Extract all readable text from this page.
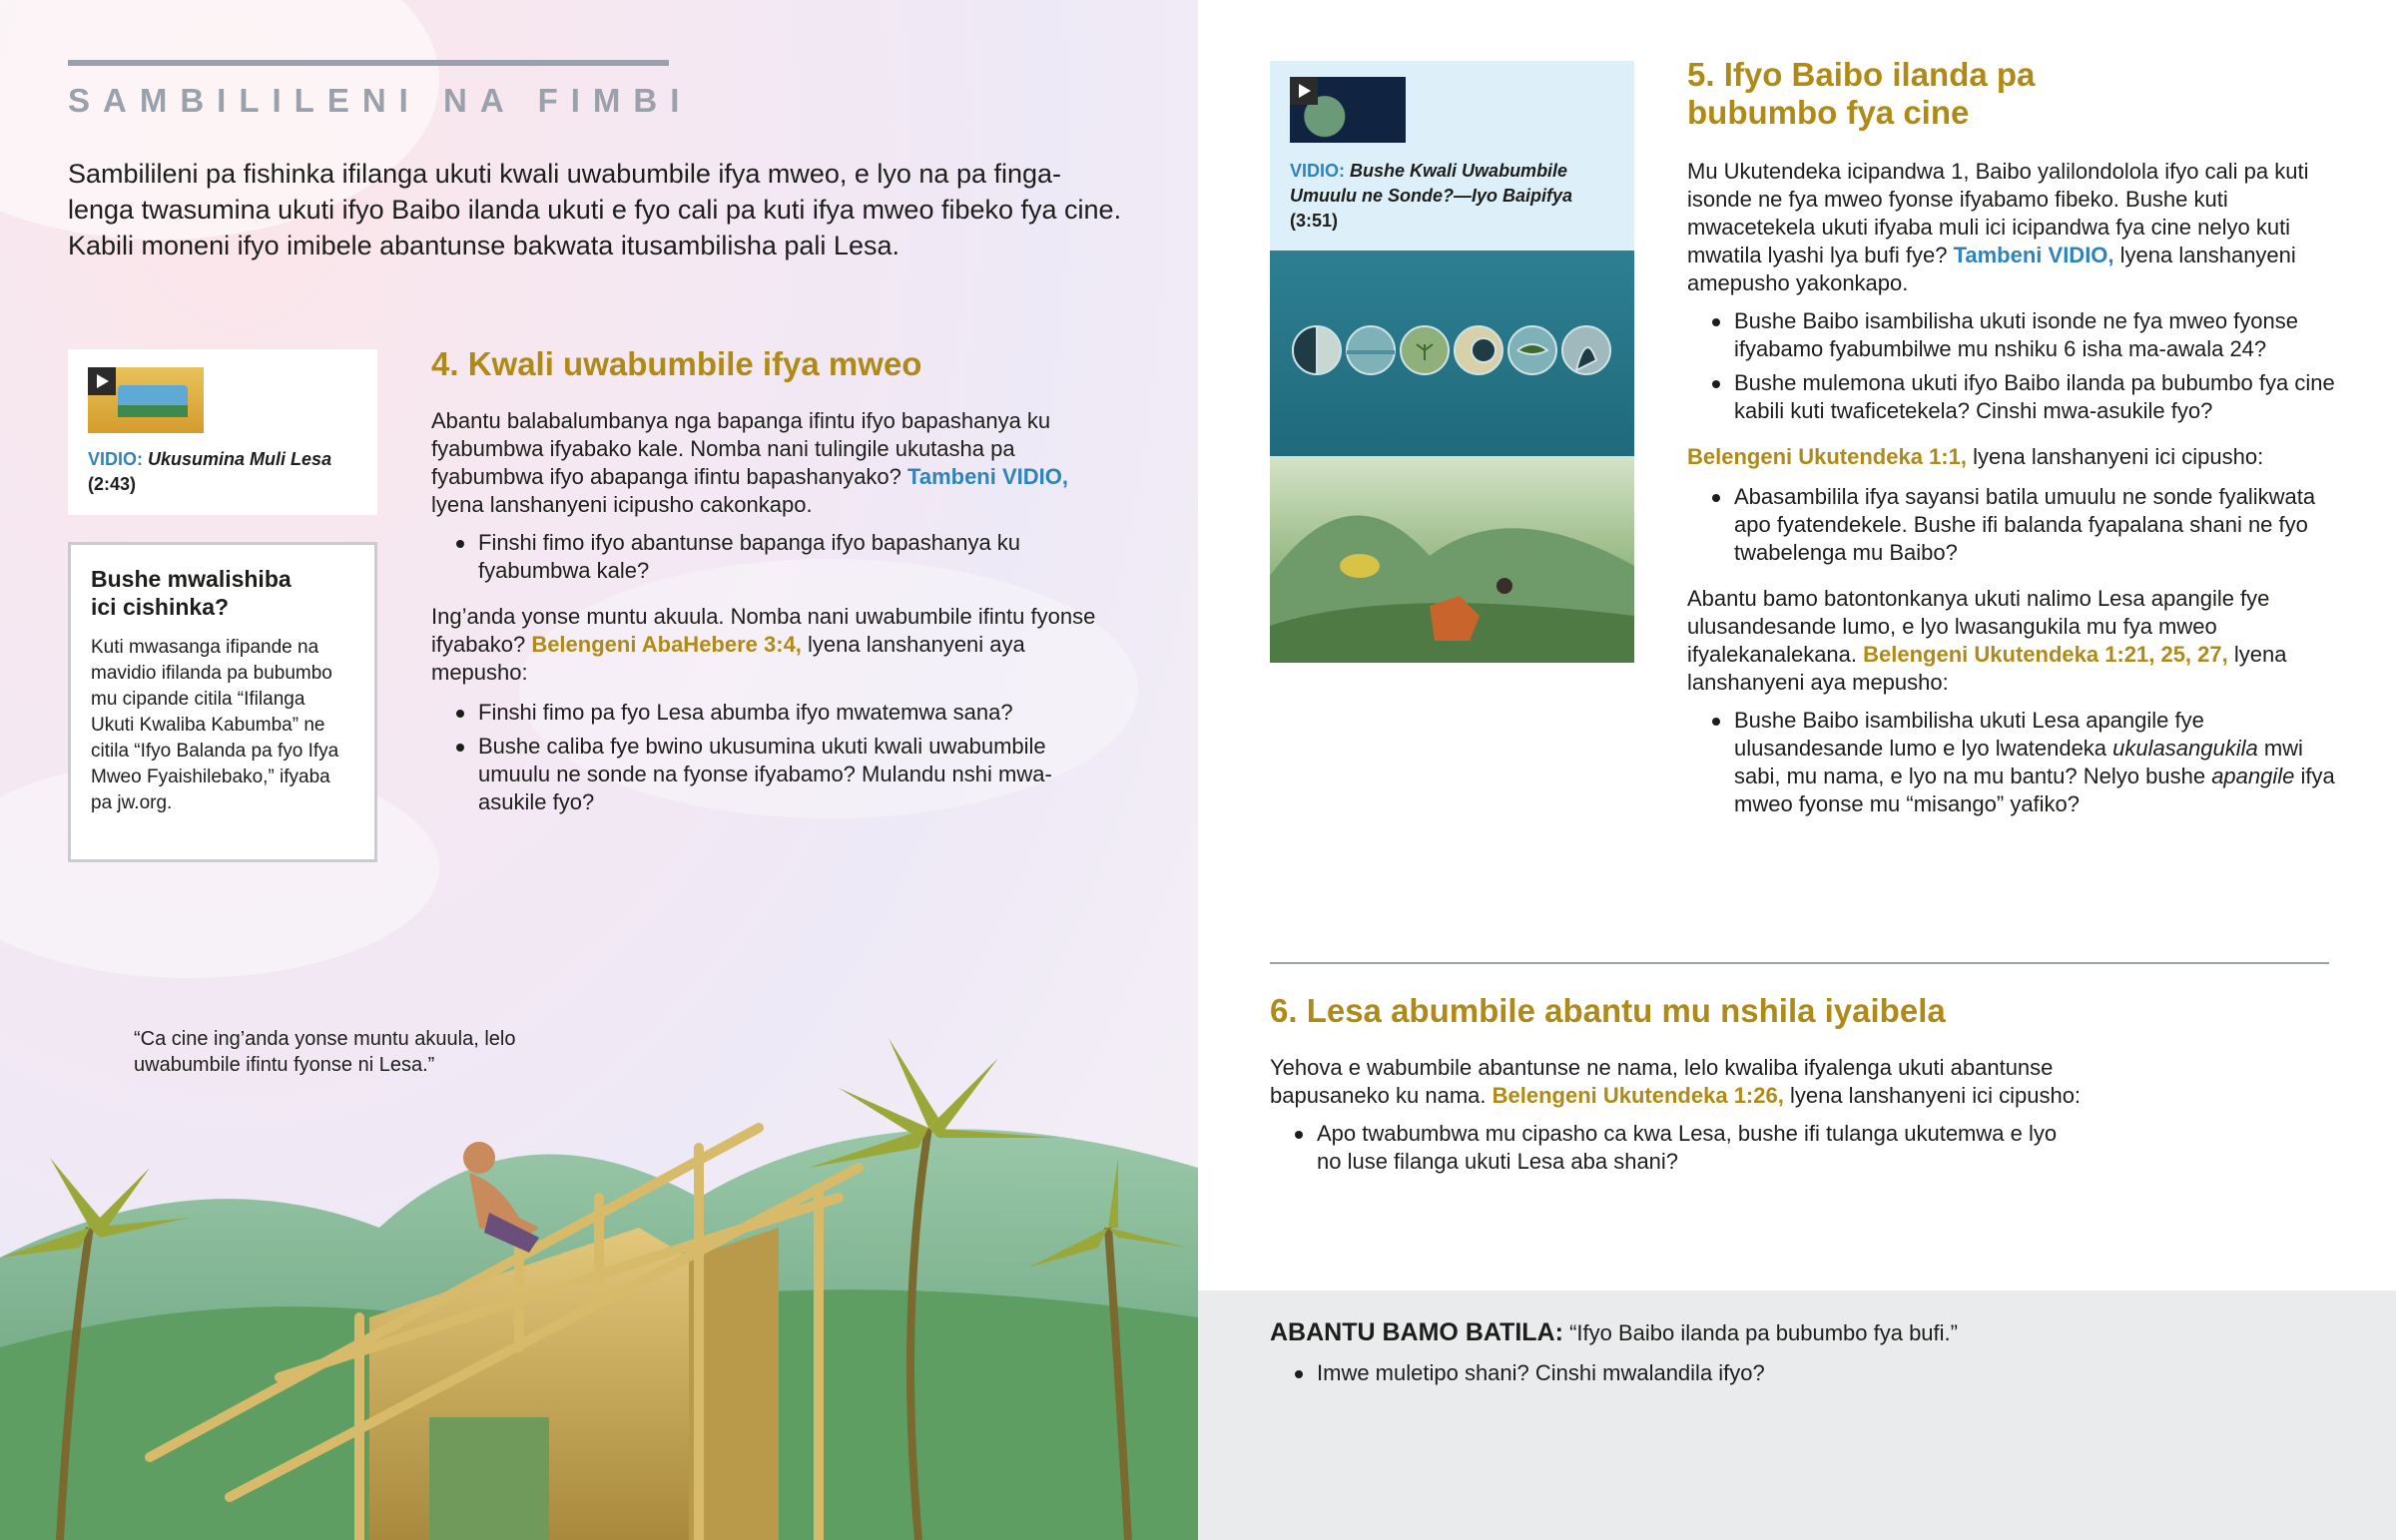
SAMBILILENI NA FIMBI
Sambilileni pa fishinka ifilanga ukuti kwali uwabumbile ifya mweo, e lyo na pa finga-lenga twasumina ukuti ifyo Baibo ilanda ukuti e fyo cali pa kuti ifya mweo fibeko fya cine. Kabili moneni ifyo imibele abantunse bakwata itusambilisha pali Lesa.
VIDIO: Ukusumina Muli Lesa
(2:43)
Bushe mwalishiba ici cishinka?

Kuti mwasanga ifipande na mavidio ifilanda pa bubumbo mu cipande citila “Ifilanga Ukuti Kwaliba Kabumba” ne citila “Ifyo Balanda pa fyo Ifya Mweo Fyaishilebako,” ifyaba pa jw.org.

4. Kwali uwabumbile ifya mweo

Abantu balabalumbanya nga bapanga ifintu ifyo bapashanya ku fyabumbwa ifyabako kale. Nomba nani tulingile ukutasha pa fyabumbwa ifyo abapanga ifintu bapashanyako? Tambeni VIDIO, lyena lanshanyeni icipusho cakonkapo.

Finshi fimo ifyo abantunse bapanga ifyo bapashanya ku fyabumbwa kale?

Ing’anda yonse muntu akuula. Nomba nani uwabumbile ifintu fyonse ifyabako? Belengeni AbaHebere 3:4, lyena lanshanyeni aya mepusho:

Finshi fimo pa fyo Lesa abumba ifyo mwatemwa sana?
Bushe caliba fye bwino ukusumina ukuti kwali uwabumbile umuulu ne sonde na fyonse ifyabamo? Mulandu nshi mwa-asukile fyo?
“Ca cine ing’anda yonse muntu akuula, lelo uwabumbile ifintu fyonse ni Lesa.”
VIDIO: Bushe Kwali Uwabumbile Umuulu ne Sonde?—Iyo Baipifya
(3:51)
5. Ifyo Baibo ilanda pa bubumbo fya cine

Mu Ukutendeka icipandwa 1, Baibo yalilondolola ifyo cali pa kuti isonde ne fya mweo fyonse ifyabamo fibeko. Bushe kuti mwacetekela ukuti ifyaba muli ici icipandwa fya cine nelyo kuti mwatila lyashi lya bufi fye? Tambeni VIDIO, lyena lanshanyeni amepusho yakonkapo.

Bushe Baibo isambilisha ukuti isonde ne fya mweo fyonse ifyabamo fyabumbilwe mu nshiku 6 isha ma-awala 24?
Bushe mulemona ukuti ifyo Baibo ilanda pa bubumbo fya cine kabili kuti twaficetekela? Cinshi mwa-asukile fyo?

Belengeni Ukutendeka 1:1, lyena lanshanyeni ici cipusho:

Abasambilila ifya sayansi batila umuulu ne sonde fyalikwata apo fyatendekele. Bushe ifi balanda fyapalana shani ne fyo twabelenga mu Baibo?

Abantu bamo batontonkanya ukuti nalimo Lesa apangile fye ulusandesande lumo, e lyo lwasangukila mu fya mweo ifyalekanalekana. Belengeni Ukutendeka 1:21, 25, 27, lyena lanshanyeni aya mepusho:

Bushe Baibo isambilisha ukuti Lesa apangile fye ulusandesande lumo e lyo lwatendeka ukulasangukila mwi sabi, mu nama, e lyo na mu bantu? Nelyo bushe apangile ifya mweo fyonse mu “misango” yafiko?
6. Lesa abumbile abantu mu nshila iyaibela

Yehova e wabumbile abantunse ne nama, lelo kwaliba ifyalenga ukuti abantunse bapusaneko ku nama. Belengeni Ukutendeka 1:26, lyena lanshanyeni ici cipusho:

Apo twabumbwa mu cipasho ca kwa Lesa, bushe ifi tulanga ukutemwa e lyo no luse filanga ukuti Lesa aba shani?

ABANTU BAMO BATILA: “Ifyo Baibo ilanda pa bubumbo fya bufi.”

Imwe muletipo shani? Cinshi mwalandila ifyo?
